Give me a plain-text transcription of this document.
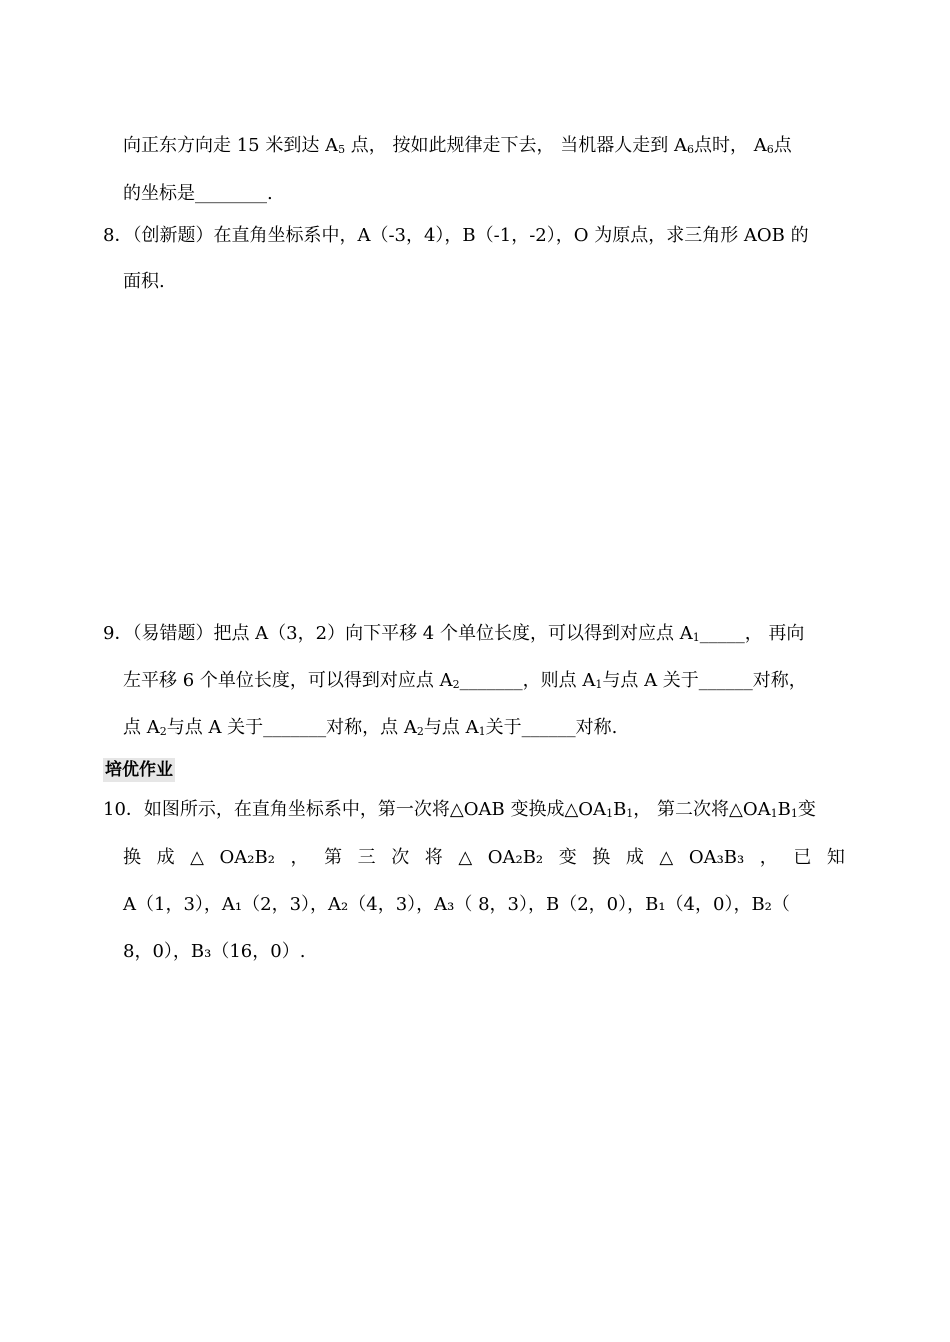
向正东方向走 15 米到达 $A_5$ 点， 按如此规律走下去， 当机器人走到 $A_6$点时， $A_6$点
的坐标是________.
8．（创新题）在直角坐标系中，A（-3，4），B（-1，-2），O 为原点，求三角形 AOB 的
面积.
9．（易错题）把点 A（3，2）向下平移 4 个单位长度，可以得到对应点 $A_1\_\_\_\_\_$， 再向
左平移 6 个单位长度，可以得到对应点 $A_2\_\_\_\_\_\_\_$，则点 $A_1$与点 A 关于______对称，
点 $A_2$与点 A 关于_______对称，点 $A_2$与点 $A_1$关于______对称.
培优作业
10．如图所示，在直角坐标系中，第一次将△OAB 变换成$\triangle OA_1B_1$， 第二次将$\triangle OA_1B_1$变
换 成 △ OA₂B₂ ， 第 三 次 将 △ OA₂B₂ 变 换 成 △ OA₃B₃ ， 已 知
A（1，3），A₁（2，3），A₂（4，3），A₃（ 8，3），B（2，0），B₁（4，0），B₂（
8，0），B₃（16，0）.
